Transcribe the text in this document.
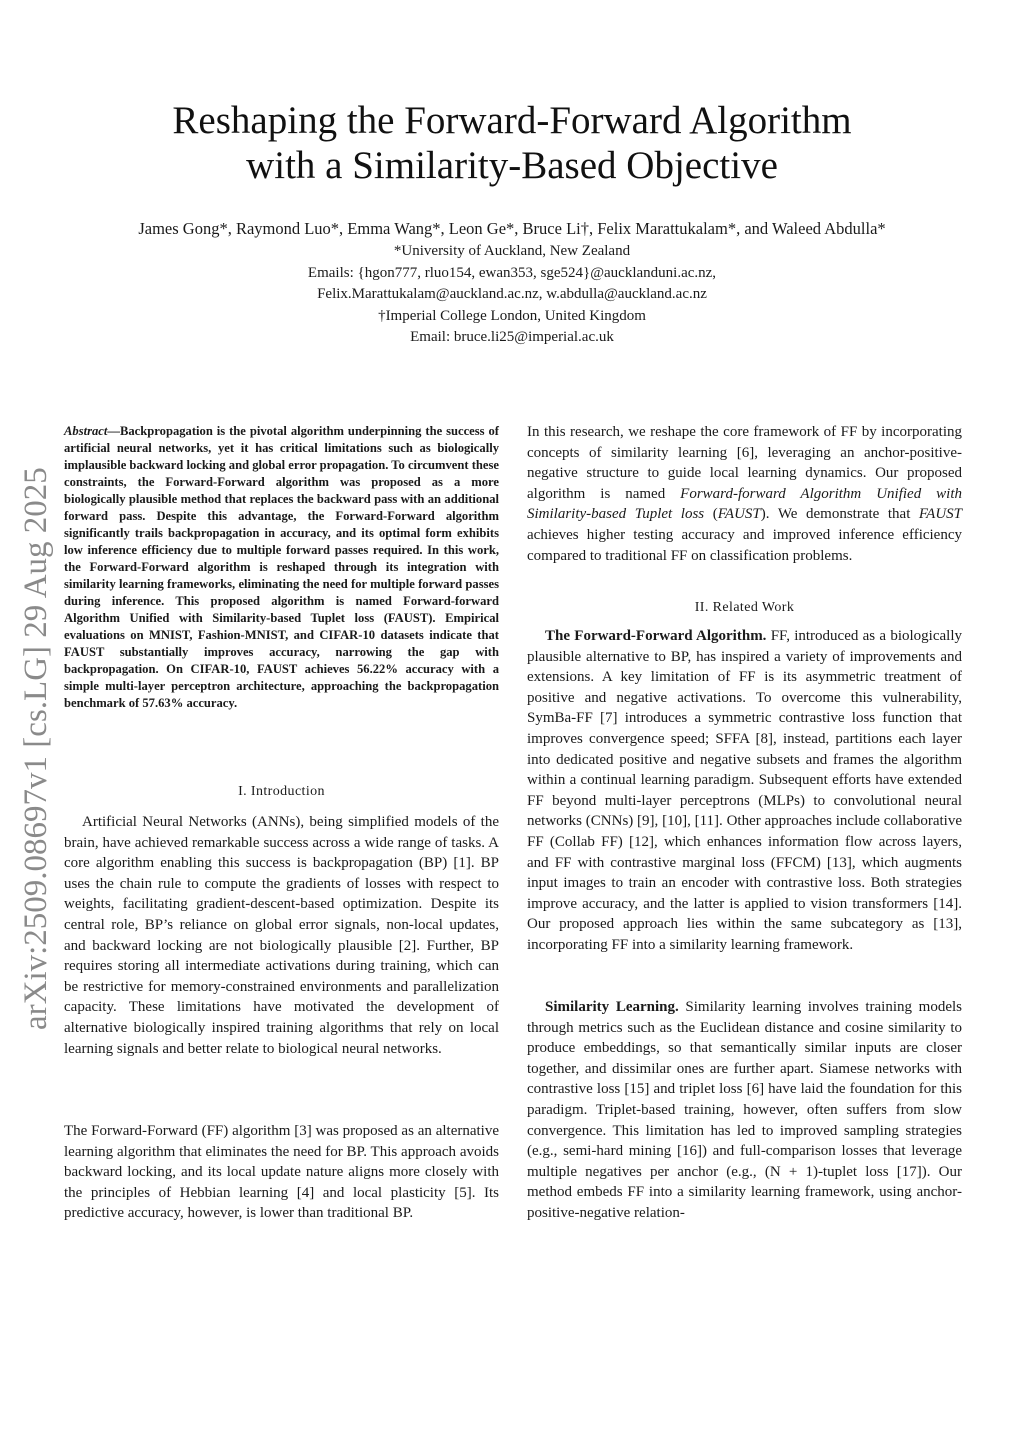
Reshaping the Forward-Forward Algorithm
with a Similarity-Based Objective
James Gong*, Raymond Luo*, Emma Wang*, Leon Ge*, Bruce Li†, Felix Marattukalam*, and Waleed Abdulla*
*University of Auckland, New Zealand
Emails: {hgon777, rluo154, ewan353, sge524}@aucklanduni.ac.nz,
Felix.Marattukalam@auckland.ac.nz, w.abdulla@auckland.ac.nz
†Imperial College London, United Kingdom
Email: bruce.li25@imperial.ac.uk
arXiv:2509.08697v1 [cs.LG] 29 Aug 2025
Abstract—Backpropagation is the pivotal algorithm underpinning the success of artificial neural networks, yet it has critical limitations such as biologically implausible backward locking and global error propagation. To circumvent these constraints, the Forward-Forward algorithm was proposed as a more biologically plausible method that replaces the backward pass with an additional forward pass. Despite this advantage, the Forward-Forward algorithm significantly trails backpropagation in accuracy, and its optimal form exhibits low inference efficiency due to multiple forward passes required. In this work, the Forward-Forward algorithm is reshaped through its integration with similarity learning frameworks, eliminating the need for multiple forward passes during inference. This proposed algorithm is named Forward-forward Algorithm Unified with Similarity-based Tuplet loss (FAUST). Empirical evaluations on MNIST, Fashion-MNIST, and CIFAR-10 datasets indicate that FAUST substantially improves accuracy, narrowing the gap with backpropagation. On CIFAR-10, FAUST achieves 56.22% accuracy with a simple multi-layer perceptron architecture, approaching the backpropagation benchmark of 57.63% accuracy.
I. Introduction
Artificial Neural Networks (ANNs), being simplified models of the brain, have achieved remarkable success across a wide range of tasks. A core algorithm enabling this success is backpropagation (BP) [1]. BP uses the chain rule to compute the gradients of losses with respect to weights, facilitating gradient-descent-based optimization. Despite its central role, BP’s reliance on global error signals, non-local updates, and backward locking are not biologically plausible [2]. Further, BP requires storing all intermediate activations during training, which can be restrictive for memory-constrained environments and parallelization capacity. These limitations have motivated the development of alternative biologically inspired training algorithms that rely on local learning signals and better relate to biological neural networks.
The Forward-Forward (FF) algorithm [3] was proposed as an alternative learning algorithm that eliminates the need for BP. This approach avoids backward locking, and its local update nature aligns more closely with the principles of Hebbian learning [4] and local plasticity [5]. Its predictive accuracy, however, is lower than traditional BP.
In this research, we reshape the core framework of FF by incorporating concepts of similarity learning [6], leveraging an anchor-positive-negative structure to guide local learning dynamics. Our proposed algorithm is named Forward-forward Algorithm Unified with Similarity-based Tuplet loss (FAUST). We demonstrate that FAUST achieves higher testing accuracy and improved inference efficiency compared to traditional FF on classification problems.
II. Related Work
The Forward-Forward Algorithm. FF, introduced as a biologically plausible alternative to BP, has inspired a variety of improvements and extensions. A key limitation of FF is its asymmetric treatment of positive and negative activations. To overcome this vulnerability, SymBa-FF [7] introduces a symmetric contrastive loss function that improves convergence speed; SFFA [8], instead, partitions each layer into dedicated positive and negative subsets and frames the algorithm within a continual learning paradigm. Subsequent efforts have extended FF beyond multi-layer perceptrons (MLPs) to convolutional neural networks (CNNs) [9], [10], [11]. Other approaches include collaborative FF (Collab FF) [12], which enhances information flow across layers, and FF with contrastive marginal loss (FFCM) [13], which augments input images to train an encoder with contrastive loss. Both strategies improve accuracy, and the latter is applied to vision transformers [14]. Our proposed approach lies within the same subcategory as [13], incorporating FF into a similarity learning framework.
Similarity Learning. Similarity learning involves training models through metrics such as the Euclidean distance and cosine similarity to produce embeddings, so that semantically similar inputs are closer together, and dissimilar ones are further apart. Siamese networks with contrastive loss [15] and triplet loss [6] have laid the foundation for this paradigm. Triplet-based training, however, often suffers from slow convergence. This limitation has led to improved sampling strategies (e.g., semi-hard mining [16]) and full-comparison losses that leverage multiple negatives per anchor (e.g., (N + 1)-tuplet loss [17]). Our method embeds FF into a similarity learning framework, using anchor-positive-negative relation-
